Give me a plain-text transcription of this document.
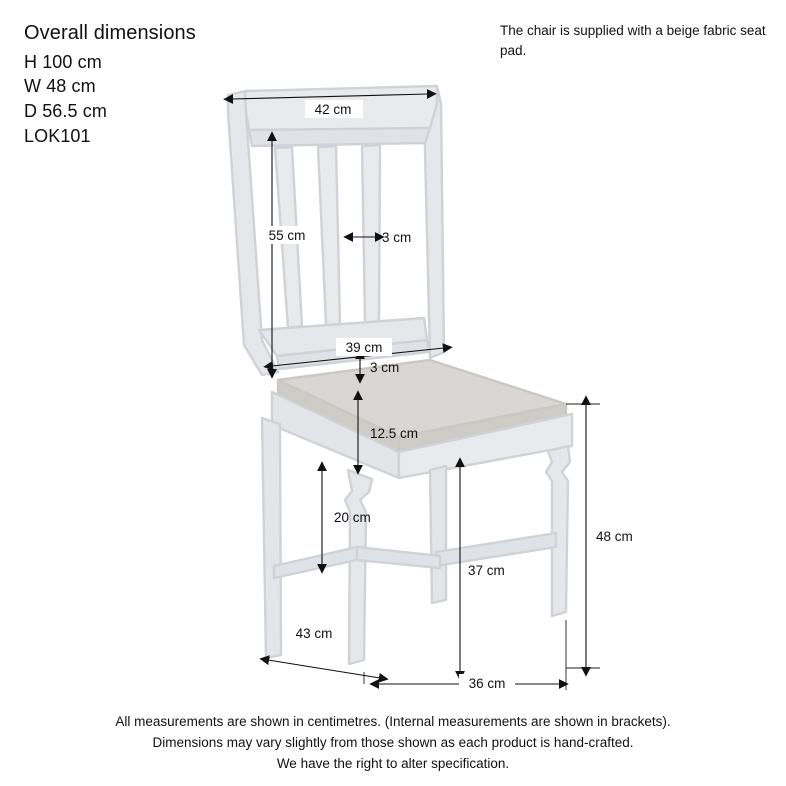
Overall dimensions
H 100 cm
W 48 cm
D 56.5 cm
LOK101
The chair is supplied with a beige fabric seat pad.
42 cm
55 cm	3 cm
39 cm
3 cm
12.5 cm
20 cm
43 cm
36 cm
37 cm
48 cm
All measurements are shown in centimetres. (Internal measurements are shown in brackets).
Dimensions may vary slightly from those shown as each product is hand-crafted.
We have the right to alter specification.
